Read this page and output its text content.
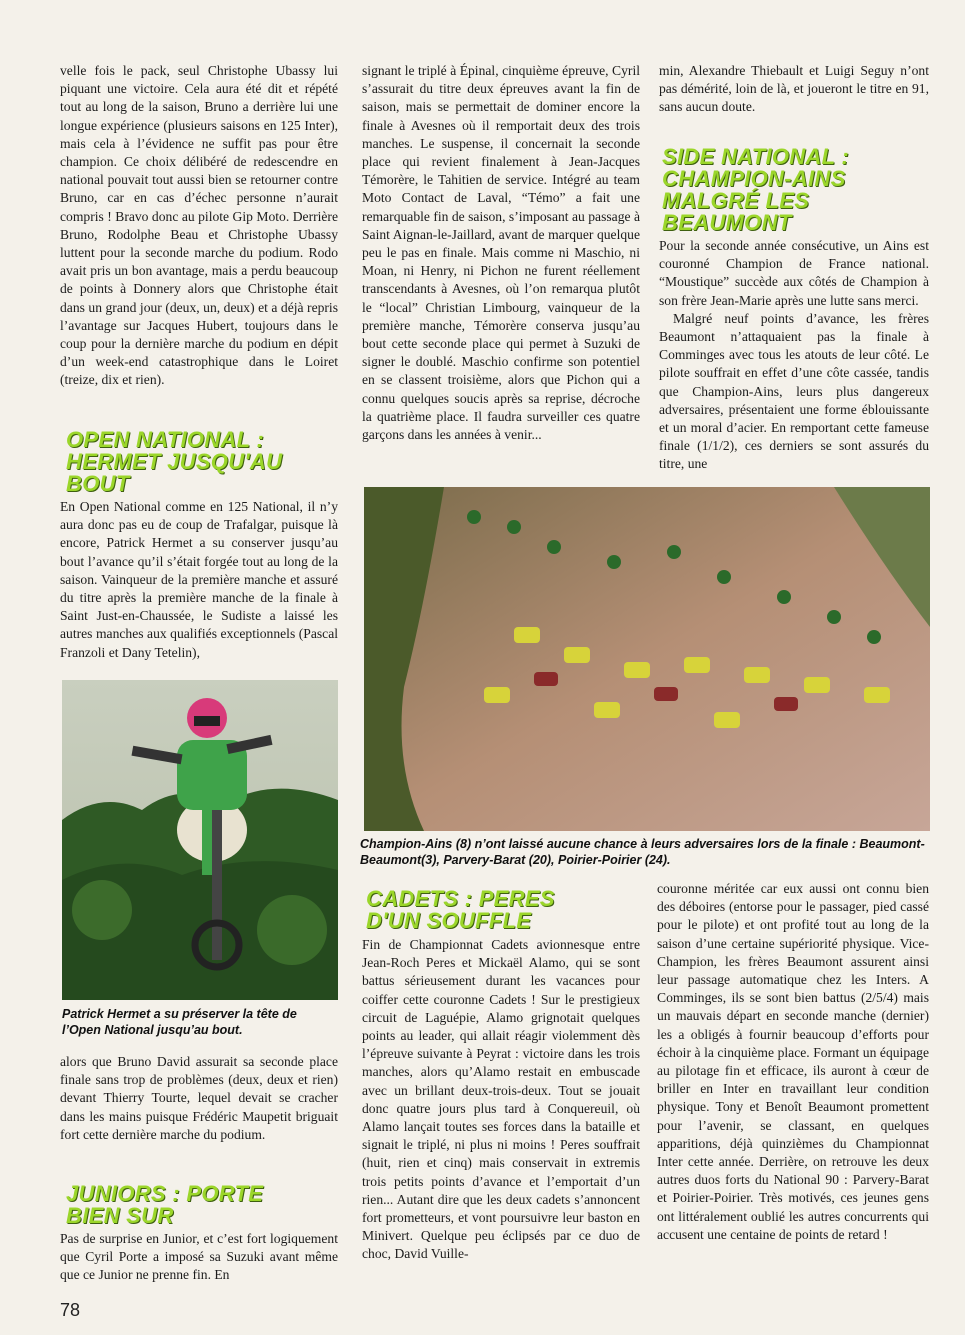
velle fois le pack, seul Christophe Ubassy lui piquant une victoire. Cela aura été dit et répété tout au long de la saison, Bruno a derrière lui une longue expérience (plusieurs saisons en 125 Inter), mais cela à l’évidence ne suffit pas pour être champion. Ce choix délibéré de redescendre en national pouvait tout aussi bien se retourner contre Bruno, car en cas d’échec personne n’aurait compris ! Bravo donc au pilote Gip Moto. Derrière Bruno, Rodolphe Beau et Christophe Ubassy luttent pour la seconde marche du podium. Rodo avait pris un bon avantage, mais a perdu beaucoup de points à Donnery alors que Christophe était dans un grand jour (deux, un, deux) et a déjà repris l’avantage sur Jacques Hubert, toujours dans le coup pour la dernière marche du podium en dépit d’un week-end catastrophique dans le Loiret (treize, dix et rien).

OPEN NATIONAL : HERMET JUSQU'AU BOUT

En Open National comme en 125 National, il n’y aura donc pas eu de coup de Trafalgar, puisque là encore, Patrick Hermet a su conserver jusqu’au bout l’avance qu’il s’était forgée tout au long de la saison. Vainqueur de la première manche et assuré du titre après la première manche de la finale à Saint Just-en-Chaussée, le Sudiste a laissé les autres manches aux qualifiés exceptionnels (Pascal Franzoli et Dany Tetelin),

Patrick Hermet a su préserver la tête de l’Open National jusqu’au bout.

alors que Bruno David assurait sa seconde place finale sans trop de problèmes (deux, deux et rien) devant Thierry Tourte, lequel devait se cracher dans les mains puisque Frédéric Maupetit briguait fort cette dernière marche du podium.

JUNIORS : PORTE BIEN SUR

Pas de surprise en Junior, et c’est fort logiquement que Cyril Porte a imposé sa Suzuki avant même que ce Junior ne prenne fin. En

signant le triplé à Épinal, cinquième épreuve, Cyril s’assurait du titre deux épreuves avant la fin de saison, mais se permettait de dominer encore la finale à Avesnes où il remportait deux des trois manches. Le suspense, il concernait la seconde place qui revient finalement à Jean-Jacques Témorère, le Tahitien de service. Intégré au team Moto Contact de Laval, “Témo” a fait une remarquable fin de saison, s’imposant au passage à Saint Aignan-le-Jaillard, avant de marquer quelque peu le pas en finale. Mais comme ni Maschio, ni Moan, ni Henry, ni Pichon ne furent réellement transcendants à Avesnes, où l’on remarqua plutôt le “local” Christian Limbourg, vainqueur de la première manche, Témorère conserva jusqu’au bout cette seconde place qui permet à Suzuki de signer le doublé. Maschio confirme son potentiel en se classent troisième, alors que Pichon qui a connu quelques soucis après sa reprise, décroche la quatrième place. Il faudra surveiller ces quatre garçons dans les années à venir...

min, Alexandre Thiebault et Luigi Seguy n’ont pas démérité, loin de là, et joueront le titre en 91, sans aucun doute.

SIDE NATIONAL : CHAMPION-AINS MALGRÉ LES BEAUMONT

Pour la seconde année consécutive, un Ains est couronné Champion de France national. “Moustique” succède aux côtés de Champion à son frère Jean-Marie après une lutte sans merci.

Malgré neuf points d’avance, les frères Beaumont n’attaquaient pas la finale à Comminges avec tous les atouts de leur côté. Le pilote souffrait en effet d’une côte cassée, tandis que Champion-Ains, leurs plus dangereux adversaires, présentaient une forme éblouissante et un moral d’acier. En remportant cette fameuse finale (1/1/2), ces derniers se sont assurés du titre, une

Champion-Ains (8) n’ont laissé aucune chance à leurs adversaires lors de la finale : Beaumont-Beaumont(3), Parvery-Barat (20), Poirier-Poirier (24).
CADETS : PERES D'UN SOUFFLE

Fin de Championnat Cadets avionnesque entre Jean-Roch Peres et Mickaël Alamo, qui se sont battus sérieusement durant les vacances pour coiffer cette couronne Cadets ! Sur le prestigieux circuit de Laguépie, Alamo grignotait quelques points au leader, qui allait réagir violemment dès l’épreuve suivante à Peyrat : victoire dans les trois manches, alors qu’Alamo restait en embuscade avec un brillant deux-trois-deux. Tout se jouait donc quatre jours plus tard à Conquereuil, où Alamo lançait toutes ses forces dans la bataille et signait le triplé, ni plus ni moins ! Peres souffrait (huit, rien et cinq) mais conservait in extremis trois petits points d’avance et l’emportait d’un rien... Autant dire que les deux cadets s’annoncent fort prometteurs, et vont poursuivre leur baston en Minivert. Quelque peu éclipsés par ce duo de choc, David Vuille-

couronne méritée car eux aussi ont connu bien des déboires (entorse pour le passager, pied cassé pour le pilote) et ont profité tout au long de la saison d’une certaine supériorité physique. Vice-Champion, les frères Beaumont assurent ainsi leur passage automatique chez les Inters. A Comminges, ils se sont bien battus (2/5/4) mais un mauvais départ en seconde manche (dernier) les a obligés à fournir beaucoup d’efforts pour échoir à la cinquième place. Formant un équipage au pilotage fin et efficace, ils auront à cœur de briller en Inter en travaillant leur condition physique. Tony et Benoît Beaumont promettent pour l’avenir, se classant, en quelques apparitions, déjà quinzièmes du Championnat Inter cette année. Derrière, on retrouve les deux autres duos forts du National 90 : Parvery-Barat et Poirier-Poirier. Très motivés, ces jeunes gens ont littéralement oublié les autres concurrents qui accusent une centaine de points de retard !

78
